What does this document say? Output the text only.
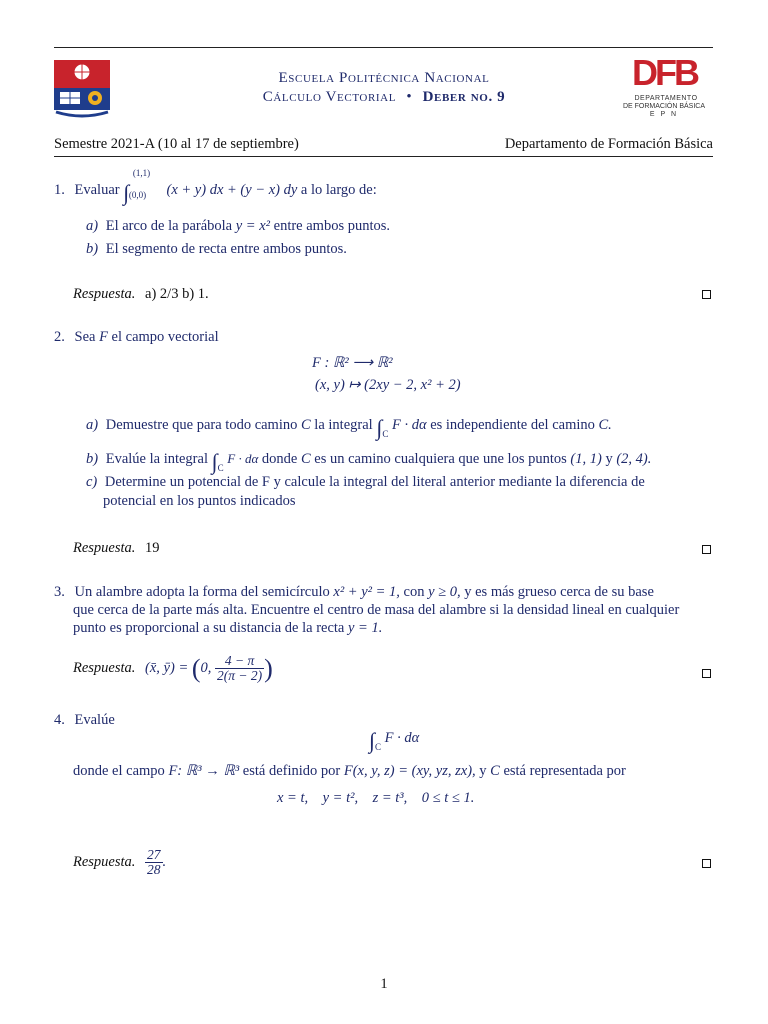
Escuela Politécnica Nacional
Cálculo Vectorial • Deber no. 9
DFB
DEPARTAMENTO
DE FORMACIÓN BÁSICA
E P N
Semestre 2021-A (10 al 17 de septiembre)	Departamento de Formación Básica
1. Evaluar ∫
(1,1)
(0,0) (x + y) dx + (y − x) dy a lo largo de:
a) El arco de la parábola y = x² entre ambos puntos.
b) El segmento de recta entre ambos puntos.
Respuesta. a) 2/3 b) 1.
2. Sea F el campo vectorial
F : ℝ² ⟶ ℝ²
(x, y) ↦ (2xy − 2, x² + 2)
a) Demuestre que para todo camino C la integral $\int_C$ F · dα es independiente del camino C.
b) Evalúe la integral $\int_C$ F · dα donde C es un camino cualquiera que une los puntos (1, 1) y (2, 4).
c) Determine un potencial de F y calcule la integral del literal anterior mediante la diferencia de
potencial en los puntos indicados
Respuesta. 19
3. Un alambre adopta la forma del semicírculo x² + y² = 1, con y ≥ 0, y es más grueso cerca de su base
que cerca de la parte más alta. Encuentre el centro de masa del alambre si la densidad lineal en cualquier
punto es proporcional a su distancia de la recta y = 1.
Respuesta. (x̄, ȳ) = (0, $\frac{4 - \pi}{2(\pi - 2)}$ )
4. Evalúe
$\int_C$ F · dα
donde el campo F: ℝ³ → ℝ³ está definido por F(x, y, z) = (xy, yz, zx), y C está representada por
x = t,    y = t²,    z = t³,    0 ≤ t ≤ 1.
Respuesta. $\frac{27}{28}$ .
1
